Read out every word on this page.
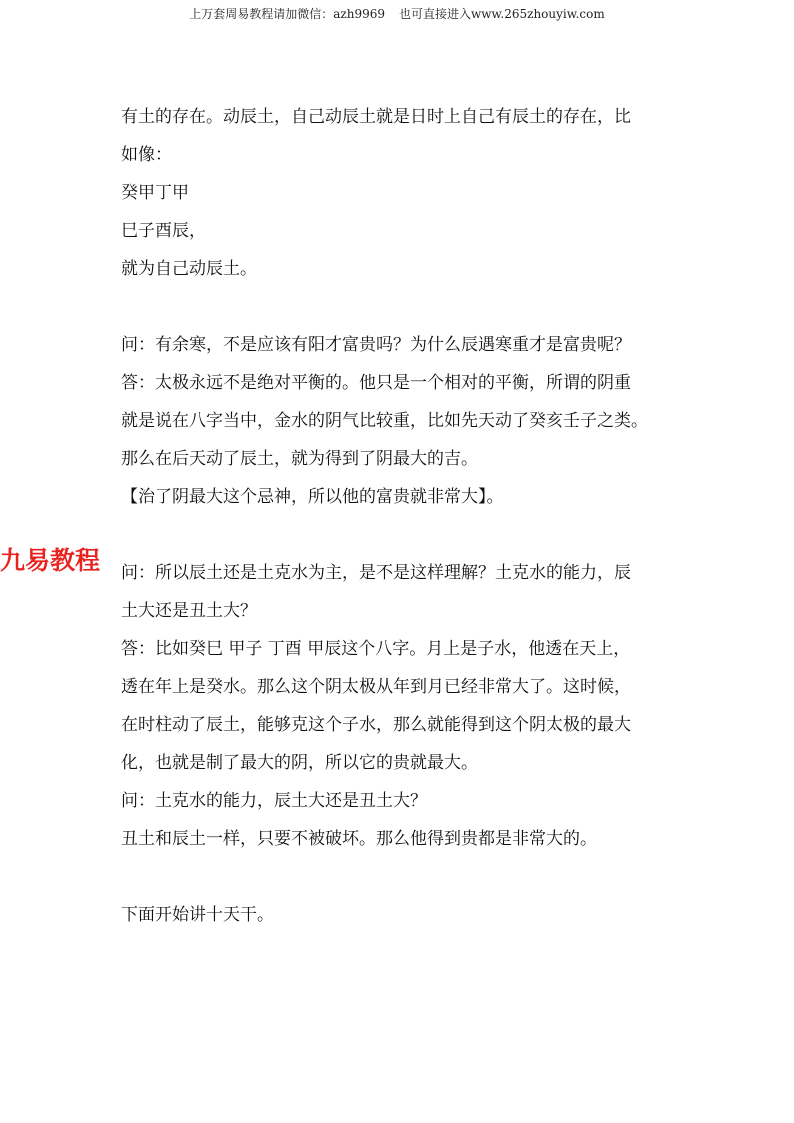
上万套周易教程请加微信：azh9969 也可直接进入www.265zhouyiw.com
九易教程
有土的存在。动辰土，自己动辰土就是日时上自己有辰土的存在，比
如像：
癸甲丁甲
巳子酉辰，
就为自己动辰土。
问：有余寒，不是应该有阳才富贵吗？为什么辰遇寒重才是富贵呢？
答：太极永远不是绝对平衡的。他只是一个相对的平衡，所谓的阴重
就是说在八字当中，金水的阴气比较重，比如先天动了癸亥壬子之类。
那么在后天动了辰土，就为得到了阴最大的吉。
【治了阴最大这个忌神，所以他的富贵就非常大】。
问：所以辰土还是土克水为主，是不是这样理解？土克水的能力，辰
土大还是丑土大？
答：比如癸巳 甲子 丁酉 甲辰这个八字。月上是子水，他透在天上，
透在年上是癸水。那么这个阴太极从年到月已经非常大了。这时候，
在时柱动了辰土，能够克这个子水，那么就能得到这个阴太极的最大
化，也就是制了最大的阴，所以它的贵就最大。
问：土克水的能力，辰土大还是丑土大？
丑土和辰土一样，只要不被破坏。那么他得到贵都是非常大的。
下面开始讲十天干。
